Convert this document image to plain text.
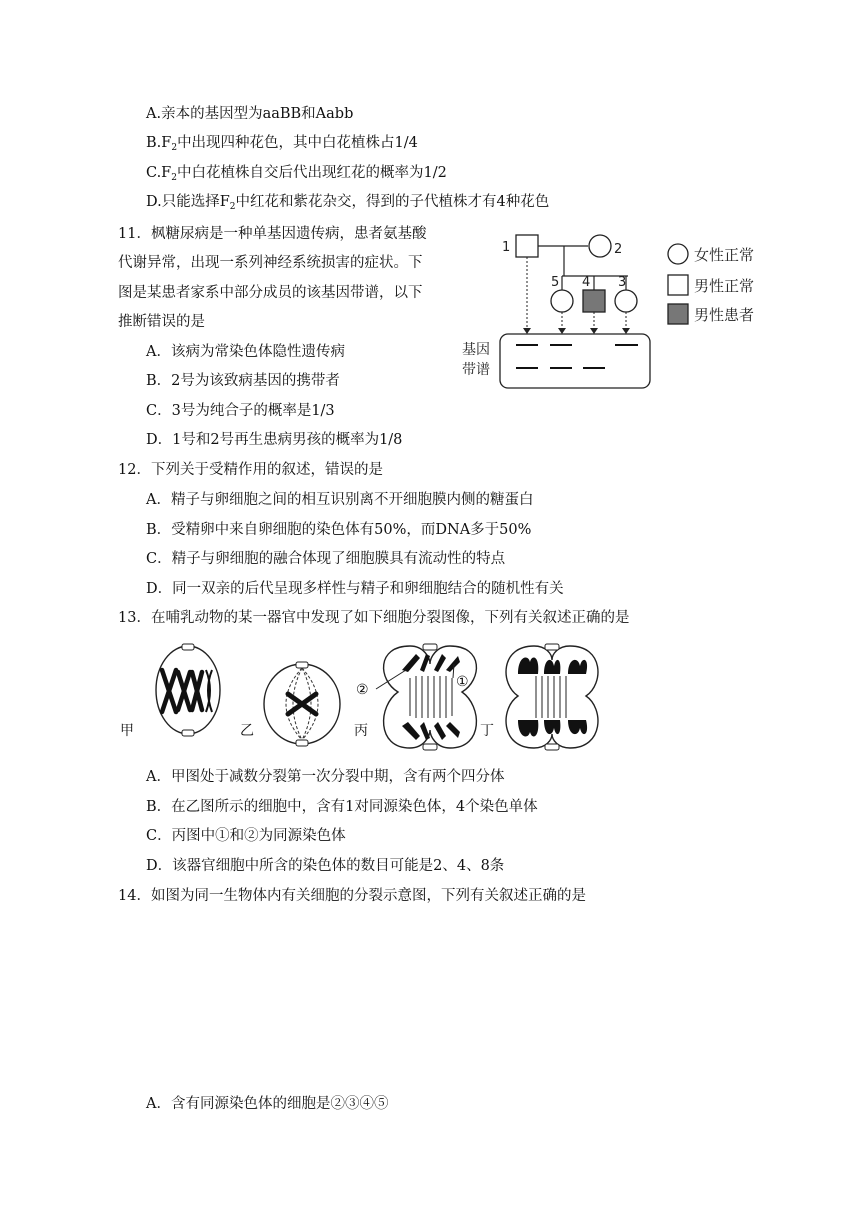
A.亲本的基因型为aaBB和Aabb
$B.F_2$中出现四种花色，其中白花植株占1/4
$C.F_2$中白花植株自交后代出现红花的概率为1/2
D.只能选择$F_2$中红花和紫花杂交，得到的子代植株才有4种花色
11．枫糖尿病是一种单基因遗传病，患者氨基酸
代谢异常，出现一系列神经系统损害的症状。下
图是某患者家系中部分成员的该基因带谱，以下
推断错误的是
A．该病为常染色体隐性遗传病
B．2号为该致病基因的携带者
C．3号为纯合子的概率是1/3
D．1号和2号再生患病男孩的概率为1/8
1	2
5 4 3
基因
带谱
女性正常
男性正常
男性患者
12．下列关于受精作用的叙述，错误的是
A．精子与卵细胞之间的相互识别离不开细胞膜内侧的糖蛋白
B．受精卵中来自卵细胞的染色体有50%，而DNA多于50%
C．精子与卵细胞的融合体现了细胞膜具有流动性的特点
D．同一双亲的后代呈现多样性与精子和卵细胞结合的随机性有关
13．在哺乳动物的某一器官中发现了如下细胞分裂图像，下列有关叙述正确的是
甲	乙	丙	丁
②	①
A．甲图处于减数分裂第一次分裂中期，含有两个四分体
B．在乙图所示的细胞中，含有1对同源染色体，4个染色单体
C．丙图中①和②为同源染色体
D．该器官细胞中所含的染色体的数目可能是2、4、8条
14．如图为同一生物体内有关细胞的分裂示意图，下列有关叙述正确的是
A．含有同源染色体的细胞是②③④⑤
